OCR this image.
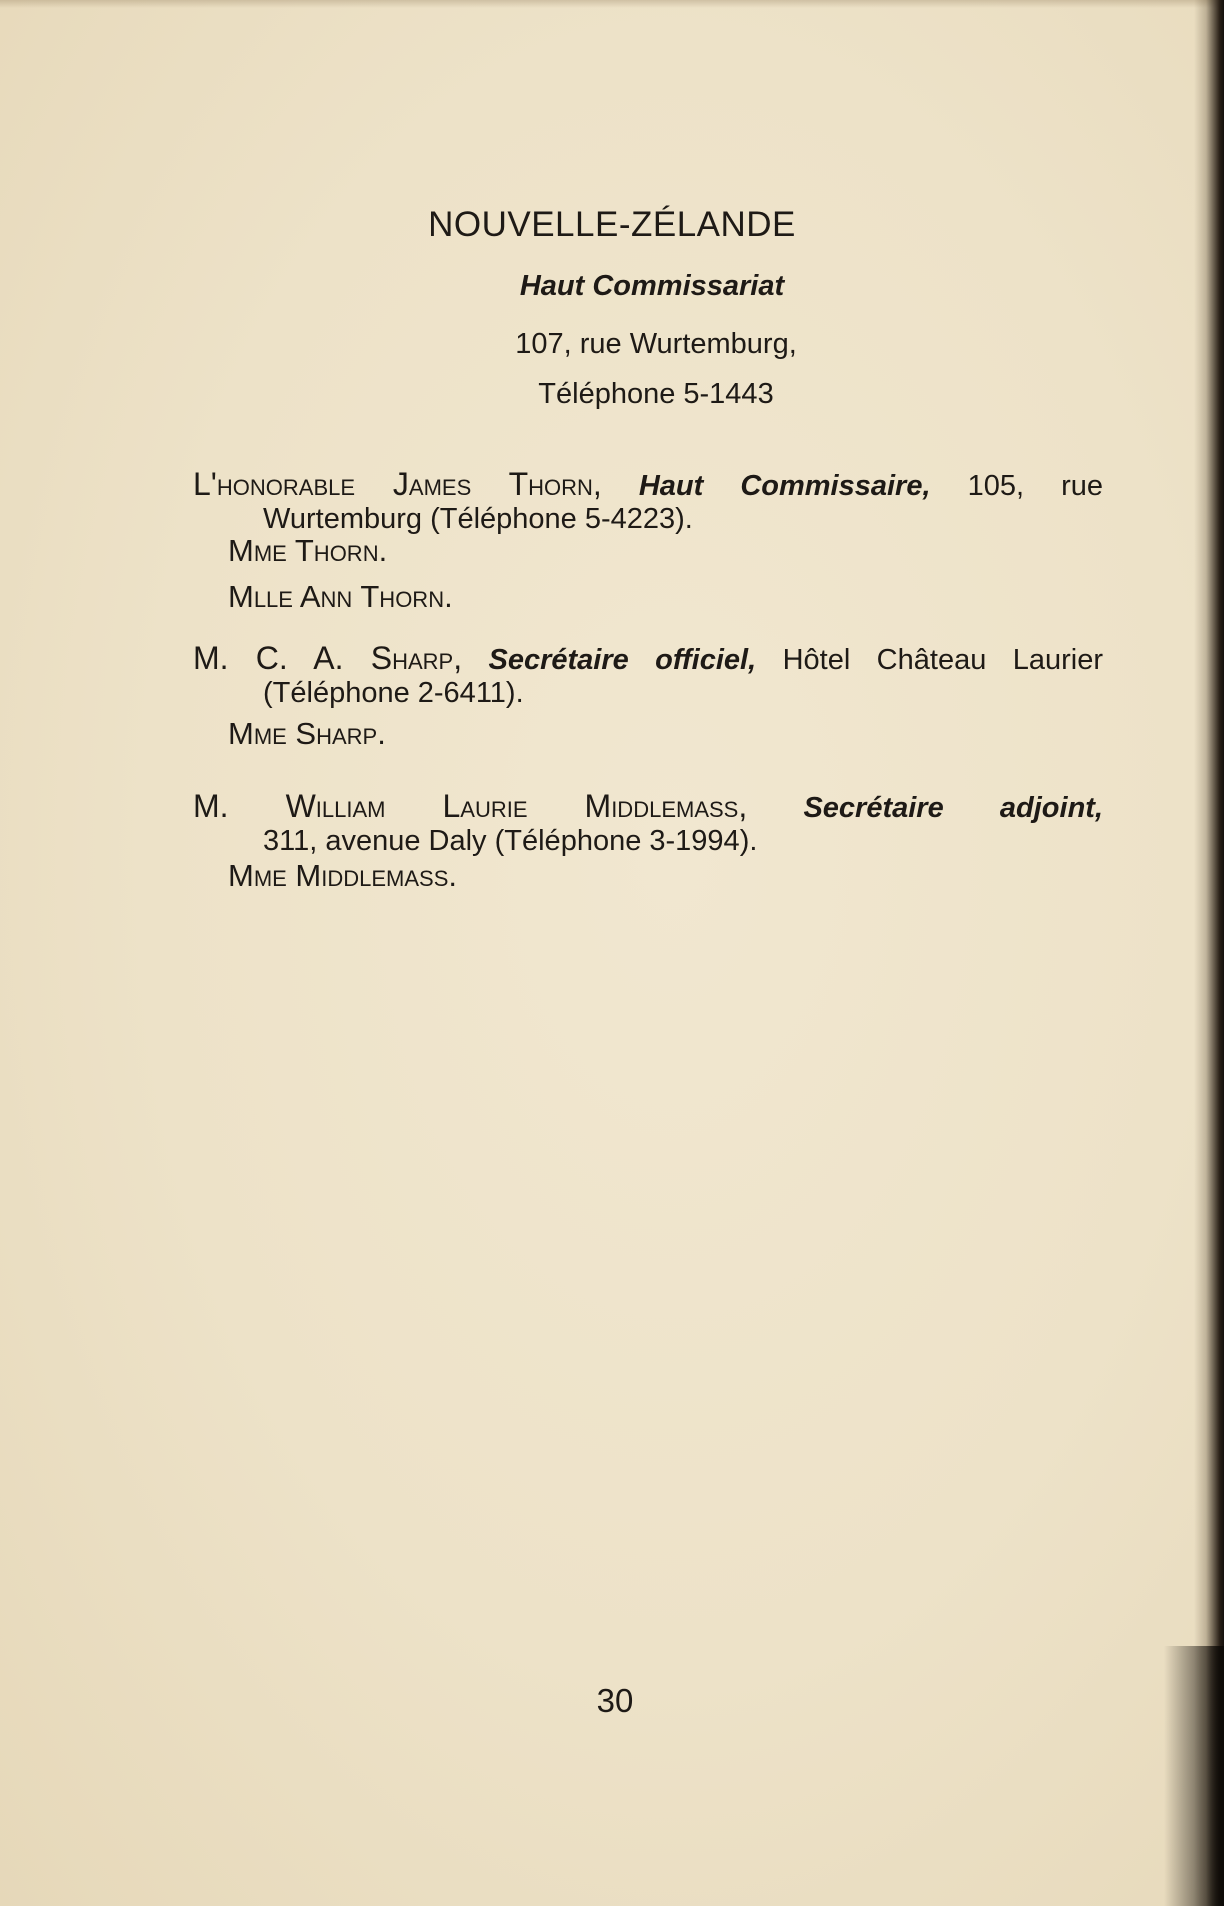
NOUVELLE-ZÉLANDE
Haut Commissariat
107, rue Wurtemburg,
Téléphone 5-1443
L'honorable James Thorn, Haut Commissaire, 105, rue
Wurtemburg (Téléphone 5-4223).
Mme Thorn.
Mlle Ann Thorn.
M. C. A. Sharp, Secrétaire officiel, Hôtel Château Laurier
(Téléphone 2-6411).
Mme Sharp.
M. William Laurie Middlemass, Secrétaire adjoint,
311, avenue Daly (Téléphone 3-1994).
Mme Middlemass.
30
